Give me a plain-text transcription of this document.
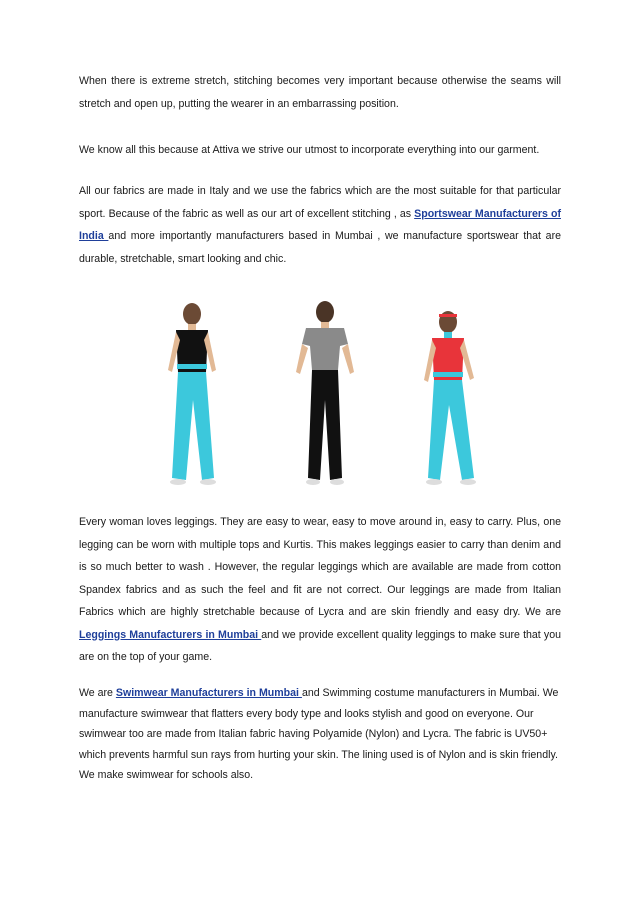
When there is extreme stretch, stitching becomes very important because otherwise the seams will stretch and open up, putting the wearer in an embarrassing position.

We know all this because at Attiva we strive our utmost to incorporate everything into our garment.

All our fabrics are made in Italy and we use the fabrics which are the most suitable for that particular sport. Because of the fabric as well as our art of excellent stitching , as Sportswear Manufacturers of India and more importantly manufacturers based in Mumbai , we manufacture sportswear that are durable, stretchable, smart looking and chic.

Every woman loves leggings. They are easy to wear, easy to move around in, easy to carry. Plus, one legging can be worn with multiple tops and Kurtis. This makes leggings easier to carry than denim and is so much better to wash . However, the regular leggings which are available are made from cotton Spandex fabrics and as such the feel and fit are not correct. Our leggings are made from Italian Fabrics which are highly stretchable because of Lycra and are skin friendly and easy dry. We are Leggings Manufacturers in Mumbai and we provide excellent quality leggings to make sure that you are on the top of your game.

We are Swimwear Manufacturers in Mumbai and Swimming costume manufacturers in Mumbai. We manufacture swimwear that flatters every body type and looks stylish and good on everyone. Our swimwear too are made from Italian fabric having Polyamide (Nylon) and Lycra. The fabric is UV50+ which prevents harmful sun rays from hurting your skin. The lining used is of Nylon and is skin friendly. We make swimwear for schools also.
